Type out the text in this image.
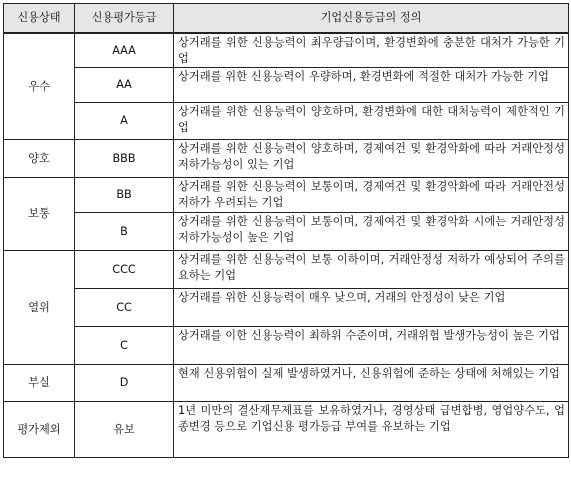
신용상태	신용평가등급	기업신용등급의 정의
우수	AAA	상거래를 위한 신용능력이 최우량급이며, 환경변화에 충분한 대처가 가능한 기업
	AA	상거래를 위한 신용능력이 우량하며, 환경변화에 적절한 대처가 가능한 기업
	A	상거래를 위한 신용능력이 양호하며, 환경변화에 대한 대처능력이 제한적인 기업
양호	BBB	상거래를 위한 신용능력이 양호하며, 경제여건 및 환경악화에 따라 거래안정성 저하가능성이 있는 기업
보통	BB	상거래를 위한 신용능력이 보통이며, 경제여건 및 환경악화에 따라 거래안전성 저하가 우려되는 기업
	B	상거래를 위한 신용능력이 보통이며, 경제여건 및 환경악화 시에는 거래안정성 저하가능성이 높은 기업
열위	CCC	상거래를 위한 신용능력이 보통 이하이며, 거래안정성 저하가 예상되어 주의를 요하는 기업
	CC	상거래를 위한 신용능력이 매우 낮으며, 거래의 안정성이 낮은 기업
	C	상거래를 이한 신용능력이 최하위 수준이며, 거래위험 발생가능성이 높은 기업
부실	D	현재 신용위험이 실제 발생하였거나, 신용위험에 준하는 상태에 처해있는 기업
평가제외	유보	1년 미만의 결산재무제표를 보유하였거나, 경영상태 급변합병, 영업양수도, 업종변경 등으로 기업신용 평가등급 부여를 유보하는 기업
